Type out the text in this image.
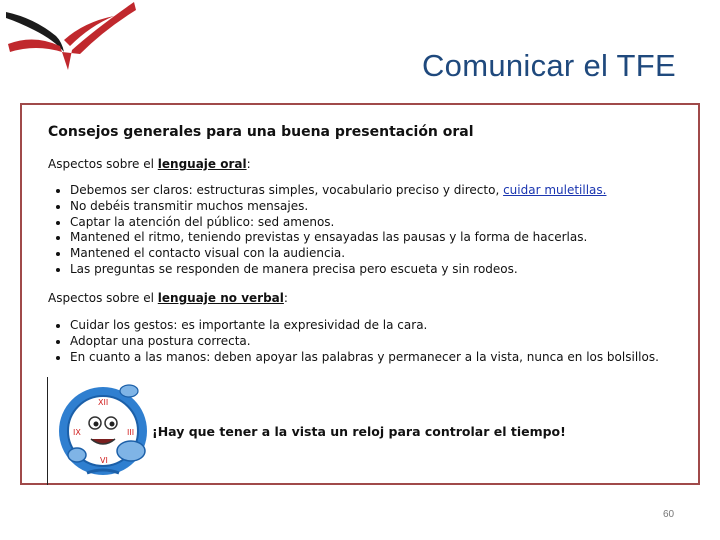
Comunicar el TFE
Consejos generales para una buena presentación oral
Aspectos sobre el lenguaje oral:
• Debemos ser claros: estructuras simples, vocabulario preciso y directo, cuidar muletillas.
• No debéis transmitir muchos mensajes.
• Captar la atención del público: sed amenos.
• Mantened el ritmo, teniendo previstas y ensayadas las pausas y la forma de hacerlas.
• Mantened el contacto visual con la audiencia.
• Las preguntas se responden de manera precisa pero escueta y sin rodeos.
Aspectos sobre el lenguaje no verbal:
• Cuidar los gestos: es importante la expresividad de la cara.
• Adoptar una postura correcta.
• En cuanto a las manos: deben apoyar las palabras y permanecer a la vista, nunca en los bolsillos.
XII
III
IX
VI
¡Hay que tener a la vista un reloj para controlar el tiempo!
60
